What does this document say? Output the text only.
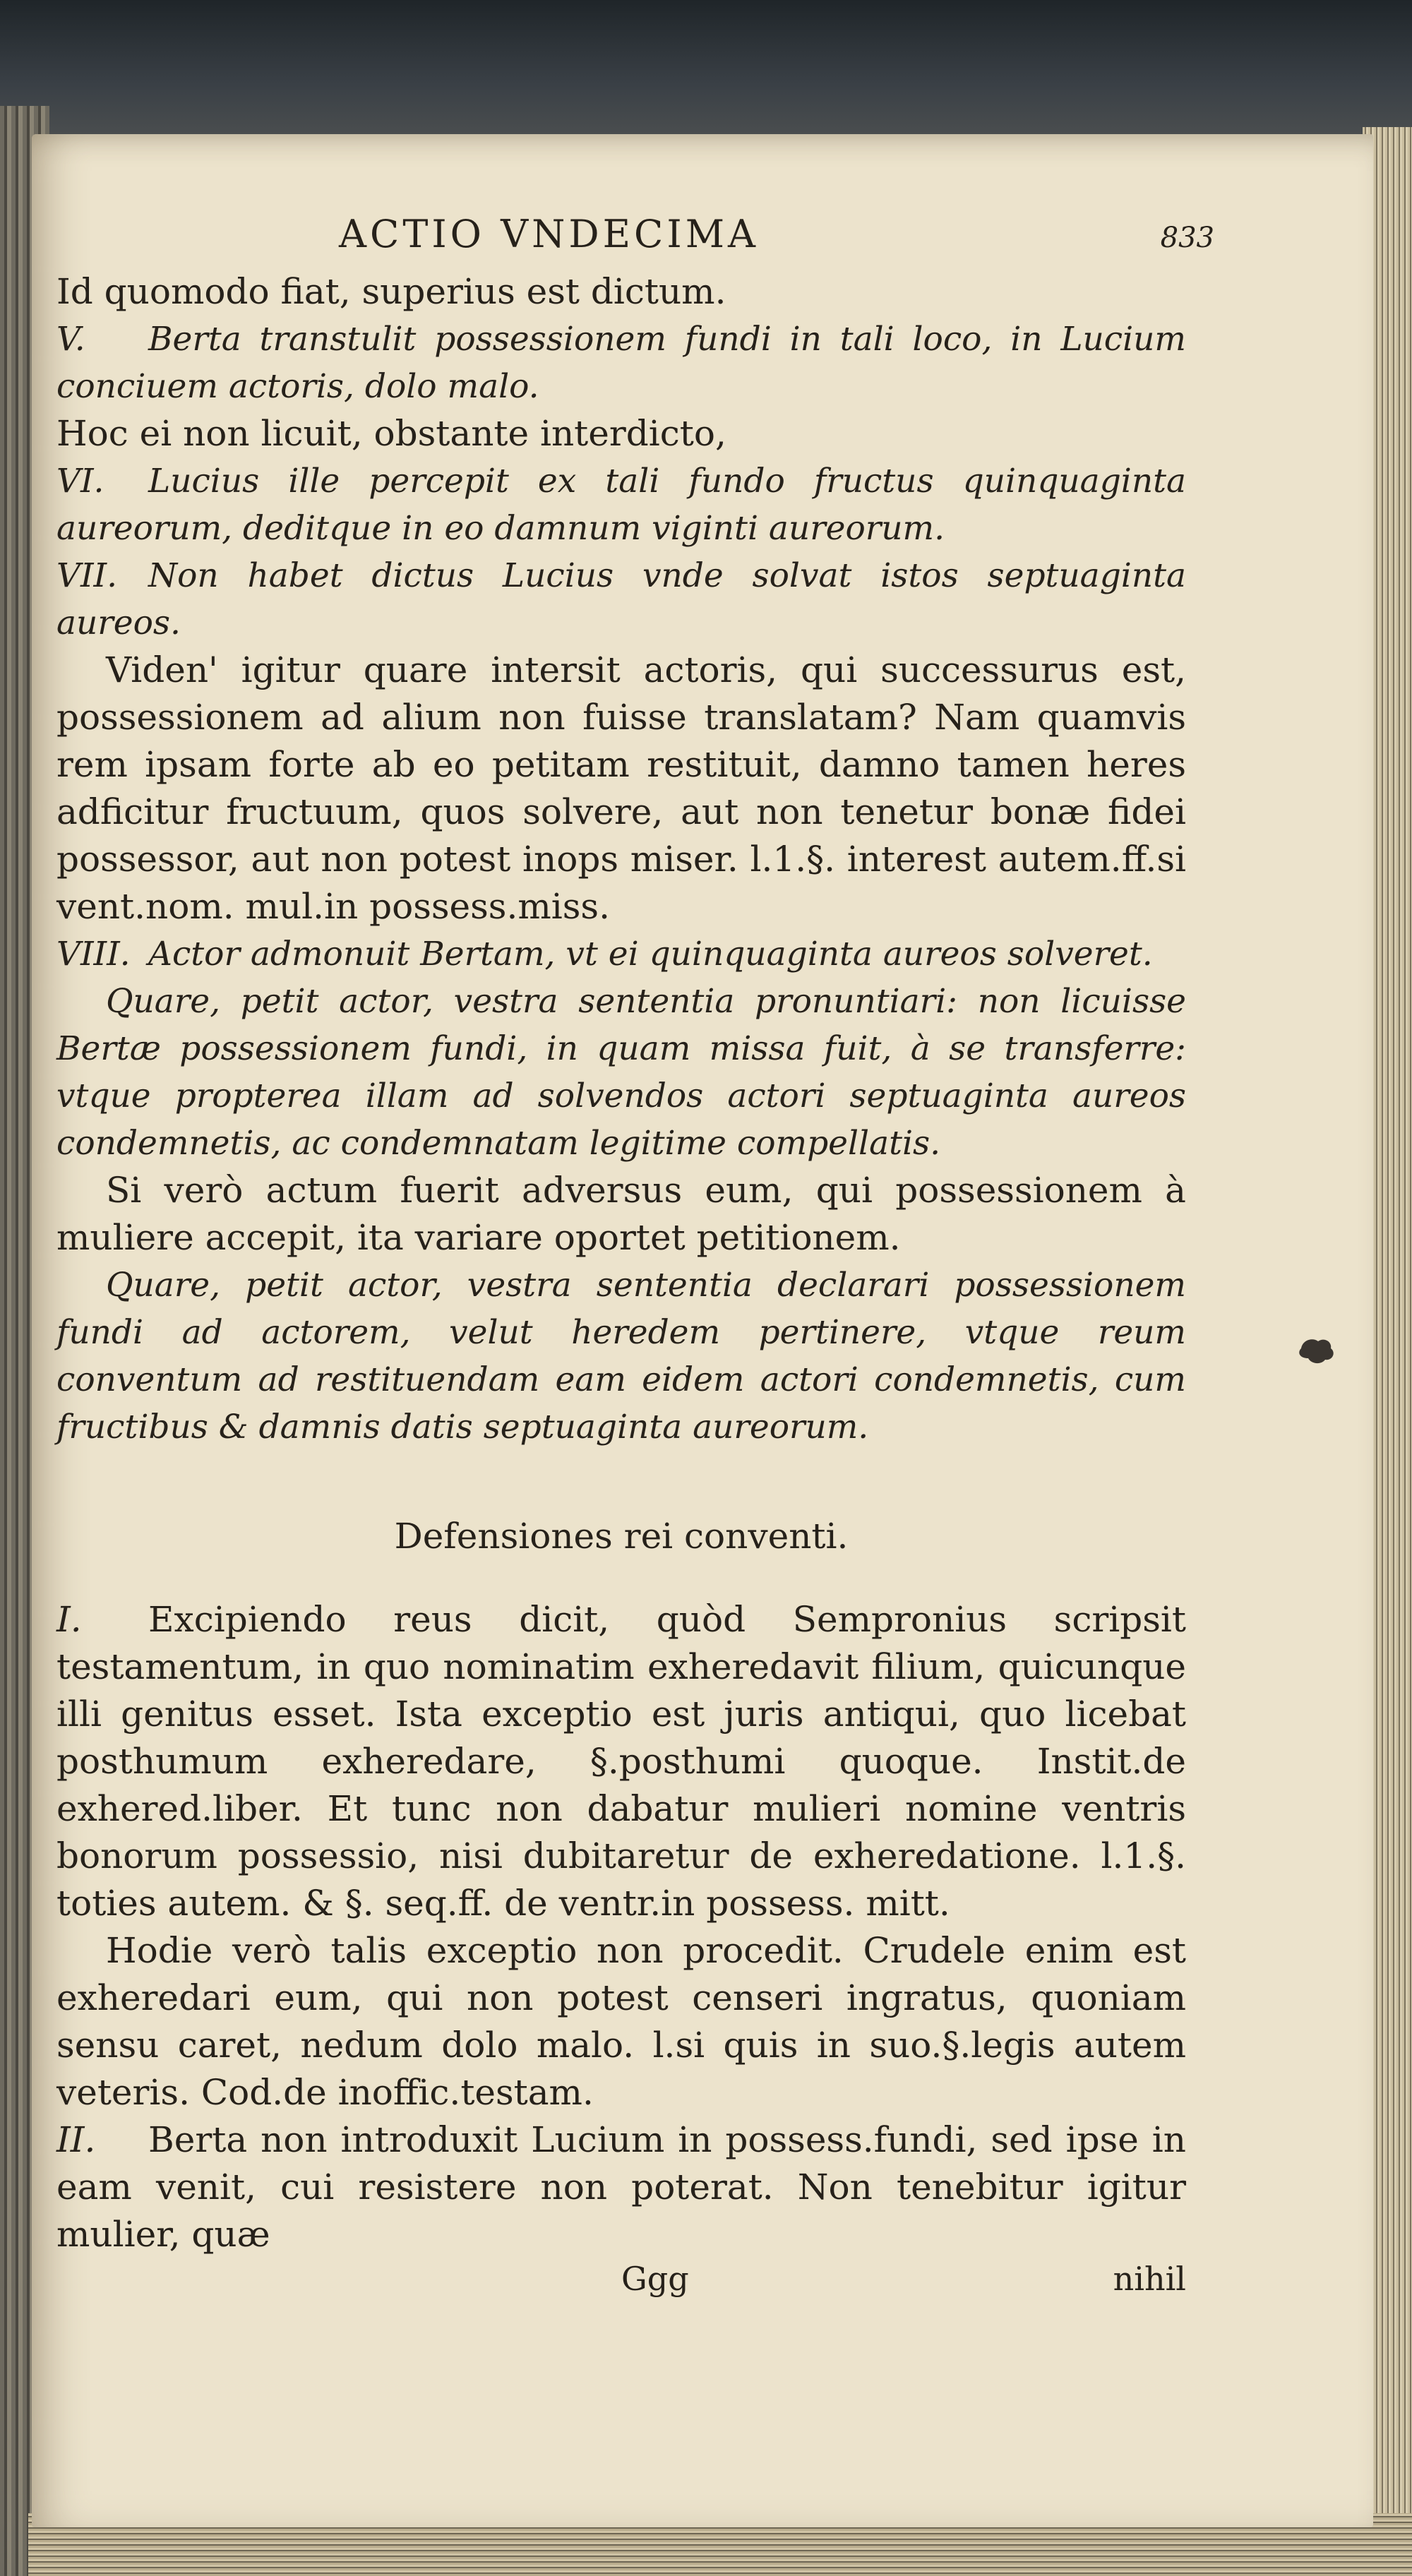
ACTIO VNDECIMA	833

Id quomodo fiat, superius est dictum.

V. Berta transtulit possessionem fundi in tali loco, in Lucium conciuem actoris, dolo malo.

Hoc ei non licuit, obstante interdicto,

VI. Lucius ille percepit ex tali fundo fructus quinquaginta aureorum, deditque in eo damnum viginti aureorum.

VII. Non habet dictus Lucius vnde solvat istos septuaginta aureos.

Viden' igitur quare intersit actoris, qui successurus est, possessionem ad alium non fuisse translatam? Nam quamvis rem ipsam forte ab eo petitam restituit, damno tamen heres adficitur fructuum, quos solvere, aut non tenetur bonæ fidei possessor, aut non potest inops miser. l.1.§. interest autem.ff.si vent.nom. mul.in possess.miss.

VIII. Actor admonuit Bertam, vt ei quinquaginta aureos solveret.

Quare, petit actor, vestra sententia pronuntiari: non licuisse Bertæ possessionem fundi, in quam missa fuit, à se transferre: vtque propterea illam ad solvendos actori septuaginta aureos condemnetis, ac condemnatam legitime compellatis.

Si verò actum fuerit adversus eum, qui possessionem à muliere accepit, ita variare oportet petitionem.

Quare, petit actor, vestra sententia declarari possessionem fundi ad actorem, velut heredem pertinere, vtque reum conventum ad restituendam eam eidem actori condemnetis, cum fructibus & damnis datis septuaginta aureorum.

Defensiones rei conventi.

I. Excipiendo reus dicit, quòd Sempronius scripsit testamentum, in quo nominatim exheredavit filium, quicunque illi genitus esset. Ista exceptio est juris antiqui, quo licebat posthumum exheredare, §.posthumi quoque. Instit.de exhered.liber. Et tunc non dabatur mulieri nomine ventris bonorum possessio, nisi dubitaretur de exheredatione. l.1.§. toties autem. & §. seq.ff. de ventr.in possess. mitt.

Hodie verò talis exceptio non procedit. Crudele enim est exheredari eum, qui non potest censeri ingratus, quoniam sensu caret, nedum dolo malo. l.si quis in suo.§.legis autem veteris. Cod.de inoffic.testam.

II. Berta non introduxit Lucium in possess.fundi, sed ipse in eam venit, cui resistere non poterat. Non tenebitur igitur mulier, quæ

Ggg	nihil
